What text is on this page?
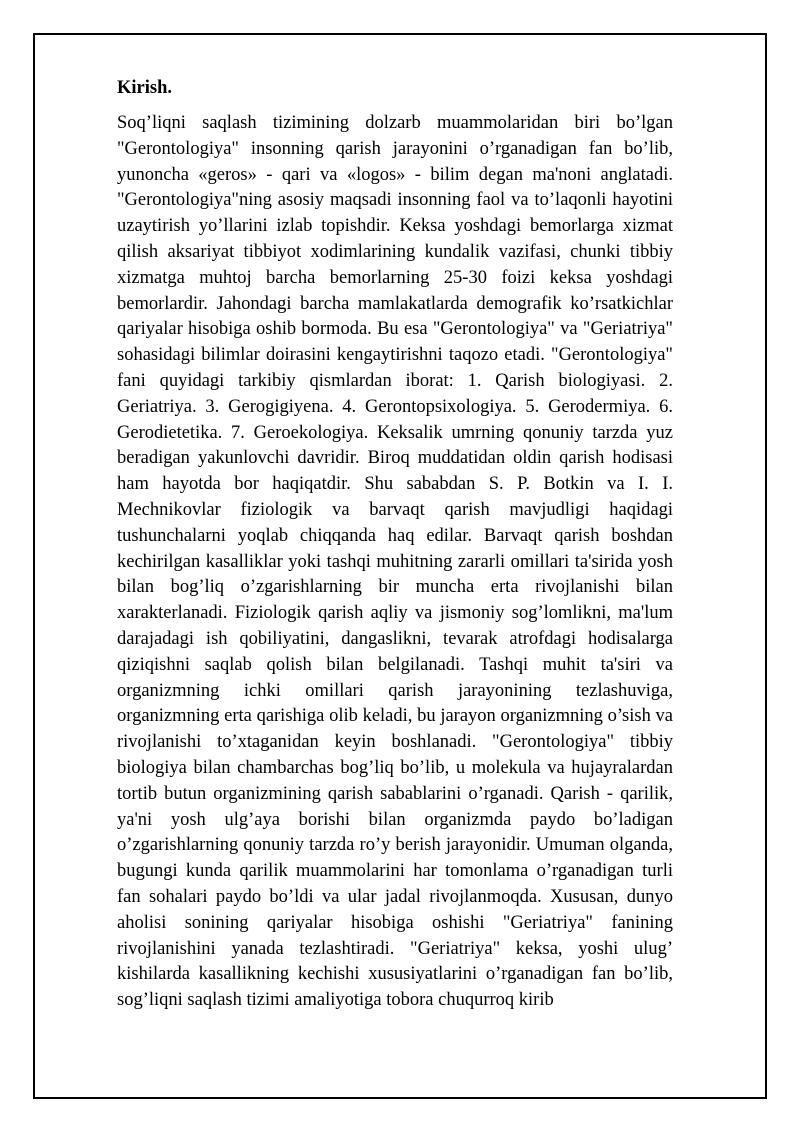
Kirish.

Soq’liqni saqlash tizimining dolzarb muammolaridan biri bo’lgan "Gerontologiya" insonning qarish jarayonini o’rganadigan fan bo’lib, yunoncha «geros» - qari va «logos» - bilim degan ma'noni anglatadi. "Gerontologiya"ning asosiy maqsadi insonning faol va to’laqonli hayotini uzaytirish yo’llarini izlab topishdir. Keksa yoshdagi bemorlarga xizmat qilish aksariyat tibbiyot xodimlarining kundalik vazifasi, chunki tibbiy xizmatga muhtoj barcha bemorlarning 25-30 foizi keksa yoshdagi bemorlardir. Jahondagi barcha mamlakatlarda demografik ko’rsatkichlar qariyalar hisobiga oshib bormoda. Bu esa "Gerontologiya" va "Geriatriya" sohasidagi bilimlar doirasini kengaytirishni taqozo etadi. "Gerontologiya" fani quyidagi tarkibiy qismlardan iborat: 1. Qarish biologiyasi. 2. Geriatriya. 3. Gerogigiyena. 4. Gerontopsixologiya. 5. Gerodermiya. 6. Gerodietetika. 7. Geroekologiya. Keksalik umrning qonuniy tarzda yuz beradigan yakunlovchi davridir. Biroq muddatidan oldin qarish hodisasi ham hayotda bor haqiqatdir. Shu sababdan S. P. Botkin va I. I. Mechnikovlar fiziologik va barvaqt qarish mavjudligi haqidagi tushunchalarni yoqlab chiqqanda haq edilar. Barvaqt qarish boshdan kechirilgan kasalliklar yoki tashqi muhitning zararli omillari ta'sirida yosh bilan bog’liq o’zgarishlarning bir muncha erta rivojlanishi bilan xarakterlanadi. Fiziologik qarish aqliy va jismoniy sog’lomlikni, ma'lum darajadagi ish qobiliyatini, dangaslikni, tevarak atrofdagi hodisalarga qiziqishni saqlab qolish bilan belgilanadi. Tashqi muhit ta'siri va organizmning ichki omillari qarish jarayonining tezlashuviga, organizmning erta qarishiga olib keladi, bu jarayon organizmning o’sish va rivojlanishi to’xtaganidan keyin boshlanadi. "Gerontologiya" tibbiy biologiya bilan chambarchas bog’liq bo’lib, u molekula va hujayralardan tortib butun organizmining qarish sabablarini o’rganadi. Qarish - qarilik, ya'ni yosh ulg’aya borishi bilan organizmda paydo bo’ladigan o’zgarishlarning qonuniy tarzda ro’y berish jarayonidir. Umuman olganda, bugungi kunda qarilik muammolarini har tomonlama o’rganadigan turli fan sohalari paydo bo’ldi va ular jadal rivojlanmoqda. Xususan, dunyo aholisi sonining qariyalar hisobiga oshishi "Geriatriya" fanining rivojlanishini yanada tezlashtiradi. "Geriatriya" keksa, yoshi ulug’ kishilarda kasallikning kechishi xususiyatlarini o’rganadigan fan bo’lib, sog’liqni saqlash tizimi amaliyotiga tobora chuqurroq kirib
